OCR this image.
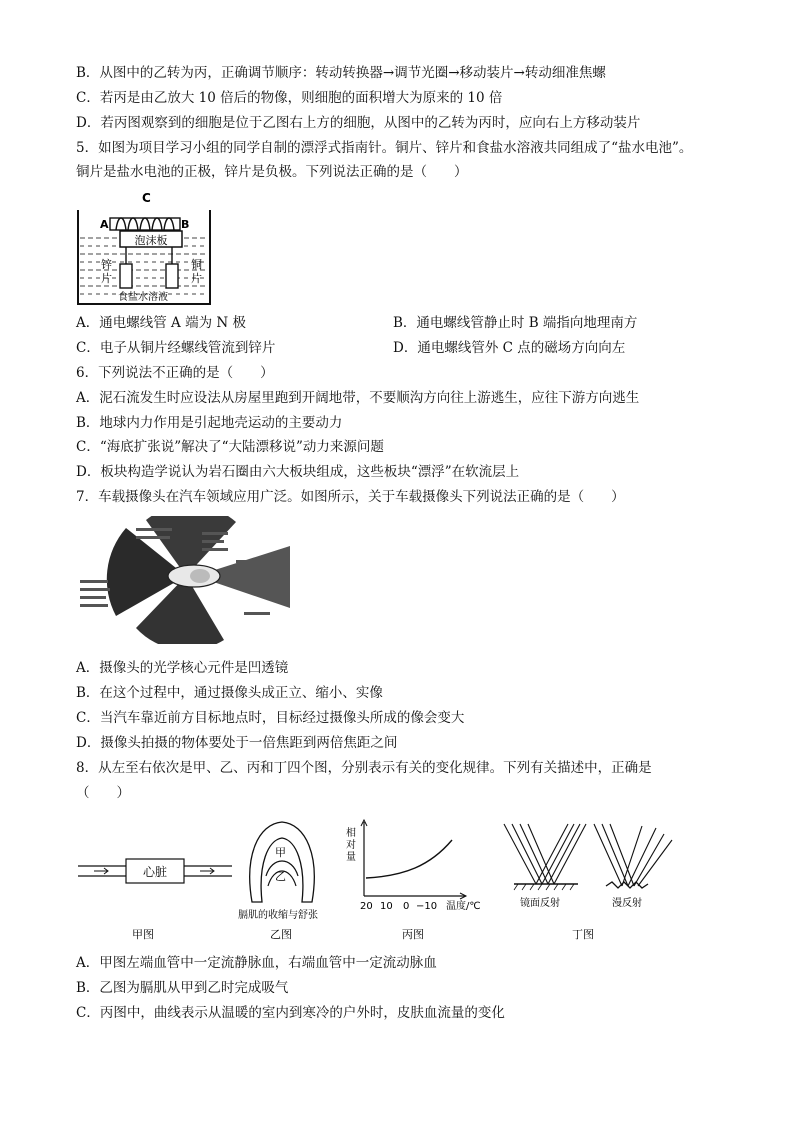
B．从图中的乙转为丙，正确调节顺序：转动转换器→调节光圈→移动装片→转动细准焦螺
C．若丙是由乙放大 10 倍后的物像，则细胞的面积增大为原来的 10 倍
D．若丙图观察到的细胞是位于乙图右上方的细胞，从图中的乙转为丙时，应向右上方移动装片
5．如图为项目学习小组的同学自制的漂浮式指南针。铜片、锌片和食盐水溶液共同组成了“盐水电池”。
铜片是盐水电池的正极，锌片是负极。下列说法正确的是（　　）
泡沫板
A	B
C
锌
片
铜
片
食盐水溶液
A．通电螺线管 A 端为 N 极	B．通电螺线管静止时 B 端指向地理南方
C．电子从铜片经螺线管流到锌片	D．通电螺线管外 C 点的磁场方向向左
6．下列说法不正确的是（　　）
A．泥石流发生时应设法从房屋里跑到开阔地带，不要顺沟方向往上游逃生，应往下游方向逃生
B．地球内力作用是引起地壳运动的主要动力
C．“海底扩张说”解决了“大陆漂移说”动力来源问题
D．板块构造学说认为岩石圈由六大板块组成，这些板块“漂浮”在软流层上
7．车载摄像头在汽车领域应用广泛。如图所示，关于车载摄像头下列说法正确的是（　　）
A．摄像头的光学核心元件是凹透镜
B．在这个过程中，通过摄像头成正立、缩小、实像
C．当汽车靠近前方目标地点时，目标经过摄像头所成的像会变大
D．摄像头拍摄的物体要处于一倍焦距到两倍焦距之间
8．从左至右依次是甲、乙、丙和丁四个图，分别表示有关的变化规律。下列有关描述中，正确是
（　　）
心脏
甲图
甲
乙
膈肌的收缩与舒张
乙图
相
对
量
20 10 0 −10 温度/℃
丙图
镜面反射	漫反射
丁图
A．甲图左端血管中一定流静脉血，右端血管中一定流动脉血
B．乙图为膈肌从甲到乙时完成吸气
C．丙图中，曲线表示从温暖的室内到寒冷的户外时，皮肤血流量的变化
